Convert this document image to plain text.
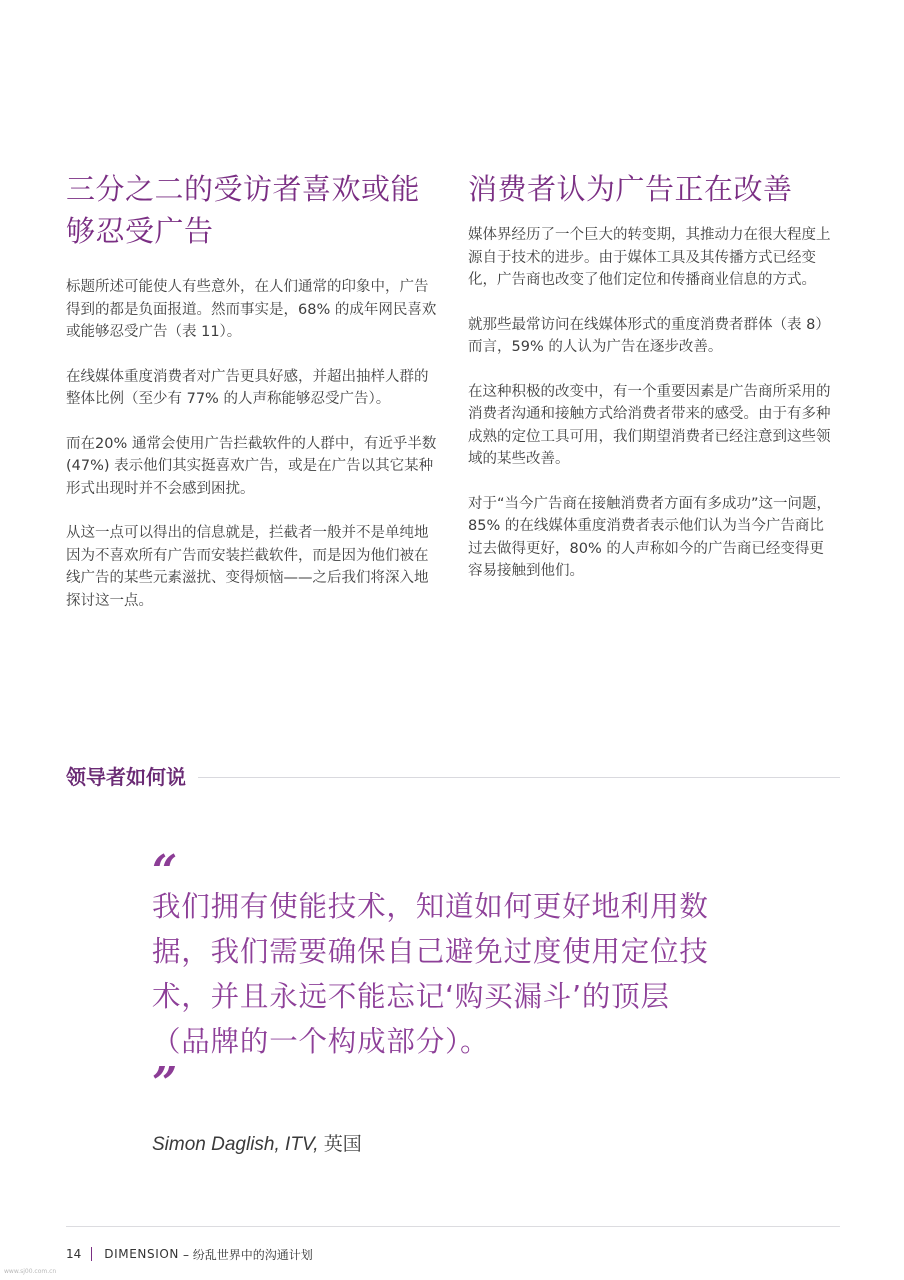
三分之二的受访者喜欢或能够忍受广告

标题所述可能使人有些意外，在人们通常的印象中，广告得到的都是负面报道。然而事实是，68% 的成年网民喜欢或能够忍受广告（表 11）。

在线媒体重度消费者对广告更具好感，并超出抽样人群的整体比例（至少有 77% 的人声称能够忍受广告）。

而在20% 通常会使用广告拦截软件的人群中，有近乎半数 (47%) 表示他们其实挺喜欢广告，或是在广告以其它某种形式出现时并不会感到困扰。

从这一点可以得出的信息就是，拦截者一般并不是单纯地因为不喜欢所有广告而安装拦截软件，而是因为他们被在线广告的某些元素滋扰、变得烦恼——之后我们将深入地探讨这一点。

消费者认为广告正在改善

媒体界经历了一个巨大的转变期，其推动力在很大程度上源自于技术的进步。由于媒体工具及其传播方式已经变化，广告商也改变了他们定位和传播商业信息的方式。

就那些最常访问在线媒体形式的重度消费者群体（表 8）而言，59% 的人认为广告在逐步改善。

在这种积极的改变中，有一个重要因素是广告商所采用的消费者沟通和接触方式给消费者带来的感受。由于有多种成熟的定位工具可用，我们期望消费者已经注意到这些领域的某些改善。

对于“当今广告商在接触消费者方面有多成功”这一问题，85% 的在线媒体重度消费者表示他们认为当今广告商比过去做得更好，80% 的人声称如今的广告商已经变得更容易接触到他们。

领导者如何说
“
我们拥有使能技术，知道如何更好地利用数
据，我们需要确保自己避免过度使用定位技
术，并且永远不能忘记‘购买漏斗’的顶层
（品牌的一个构成部分）。
”
Simon Daglish, ITV, 英国
14 DIMENSION – 纷乱世界中的沟通计划
www.sj00.com.cn
